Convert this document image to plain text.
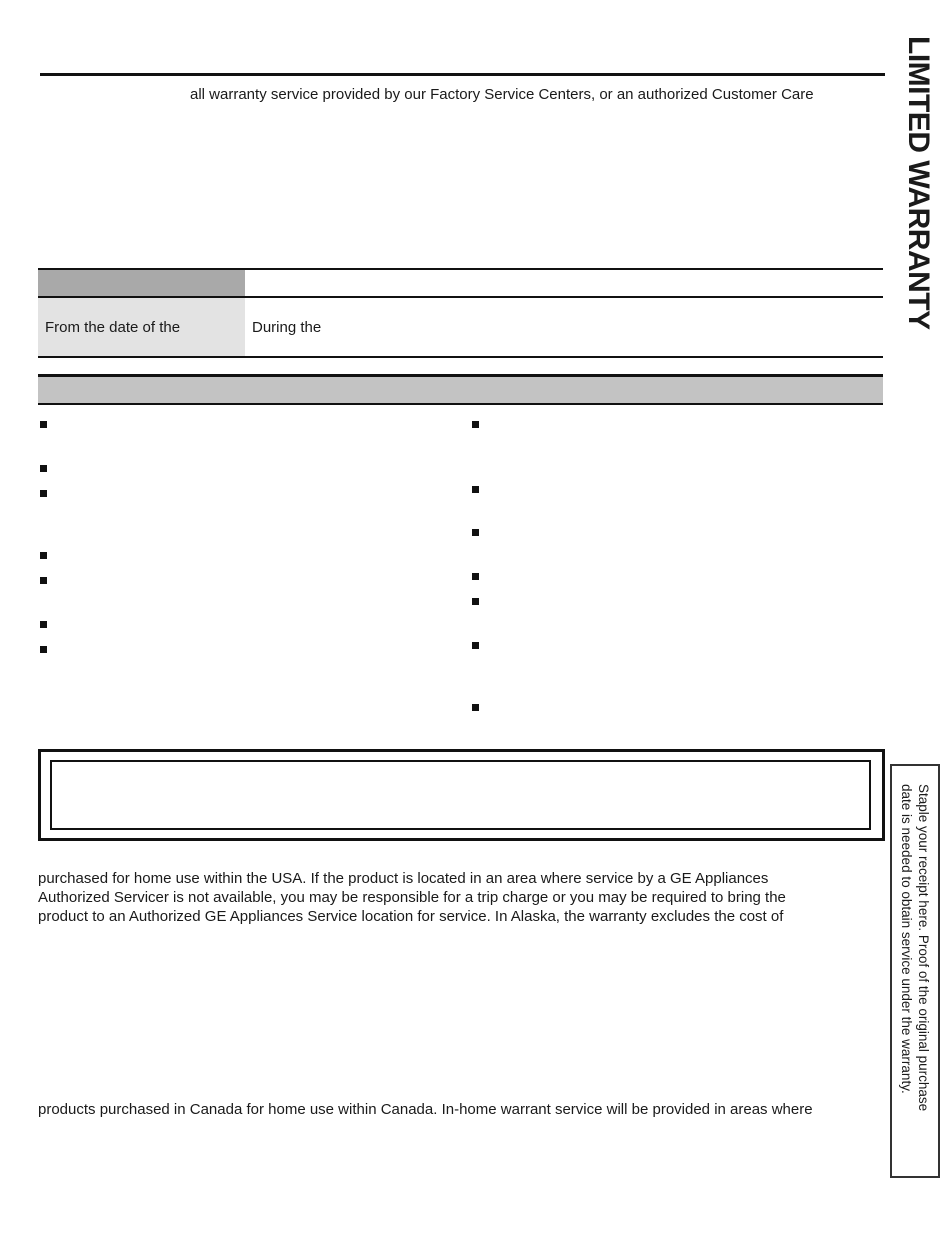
all warranty service provided by our Factory Service Centers, or an authorized Customer Care	LIMITED WARRANTY
From the date of the	During the
purchased for home use within the USA. If the product is located in an area where service by a GE Appliances
Authorized Servicer is not available, you may be responsible for a trip charge or you may be required to bring the
product to an Authorized GE Appliances Service location for service. In Alaska, the warranty excludes the cost of
products purchased in Canada for home use within Canada. In-home warrant service will be provided in areas where	Staple your receipt here. Proof of the original purchase
date is needed to obtain service under the warranty.
